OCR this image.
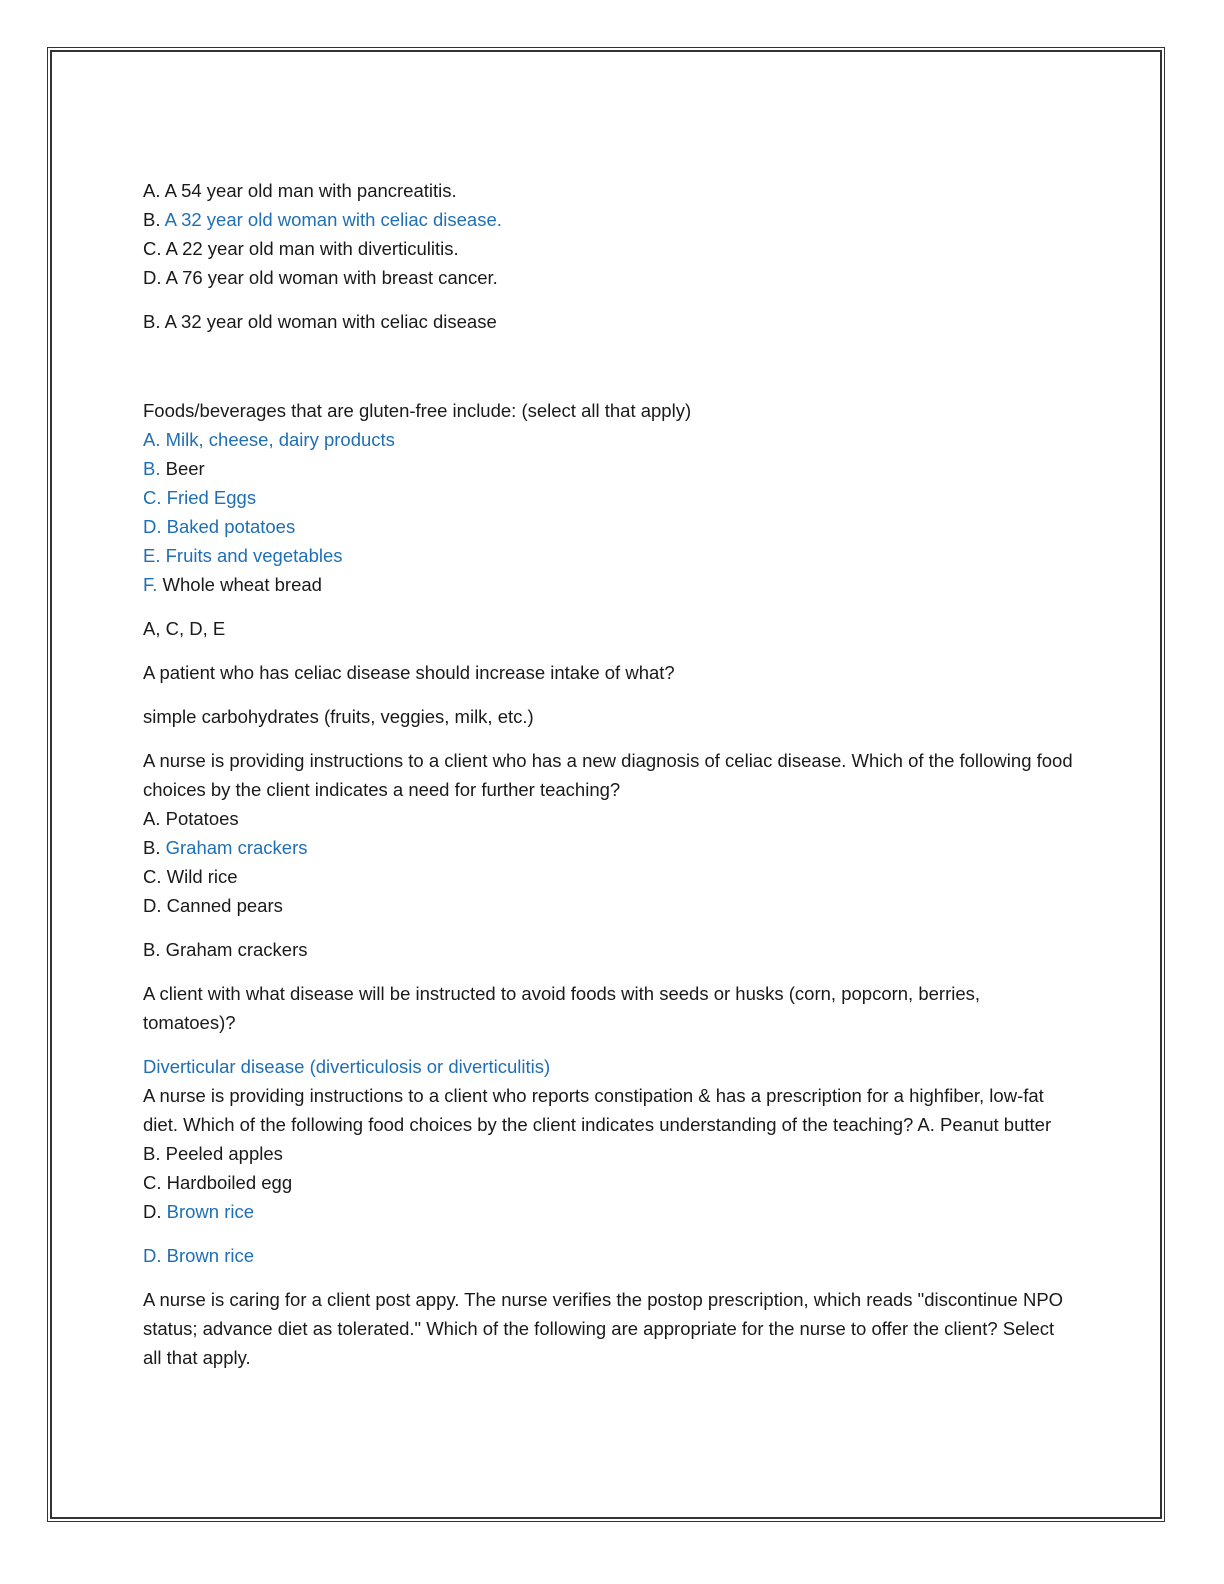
A. A 54 year old man with pancreatitis.
B. A 32 year old woman with celiac disease.
C. A 22 year old man with diverticulitis.
D. A 76 year old woman with breast cancer.
B. A 32 year old woman with celiac disease
Foods/beverages that are gluten-free include: (select all that apply)
A. Milk, cheese, dairy products
B. Beer
C. Fried Eggs
D. Baked potatoes
E. Fruits and vegetables
F. Whole wheat bread
A, C, D, E
A patient who has celiac disease should increase intake of what?
simple carbohydrates (fruits, veggies, milk, etc.)
A nurse is providing instructions to a client who has a new diagnosis of celiac disease. Which of the following food choices by the client indicates a need for further teaching?
A. Potatoes
B. Graham crackers
C. Wild rice
D. Canned pears
B. Graham crackers
A client with what disease will be instructed to avoid foods with seeds or husks (corn, popcorn, berries, tomatoes)?
Diverticular disease (diverticulosis or diverticulitis)
A nurse is providing instructions to a client who reports constipation & has a prescription for a highfiber, low-fat diet. Which of the following food choices by the client indicates understanding of the teaching? A. Peanut butter
B. Peeled apples
C. Hardboiled egg
D. Brown rice
D. Brown rice
A nurse is caring for a client post appy. The nurse verifies the postop prescription, which reads "discontinue NPO status; advance diet as tolerated." Which of the following are appropriate for the nurse to offer the client? Select all that apply.
